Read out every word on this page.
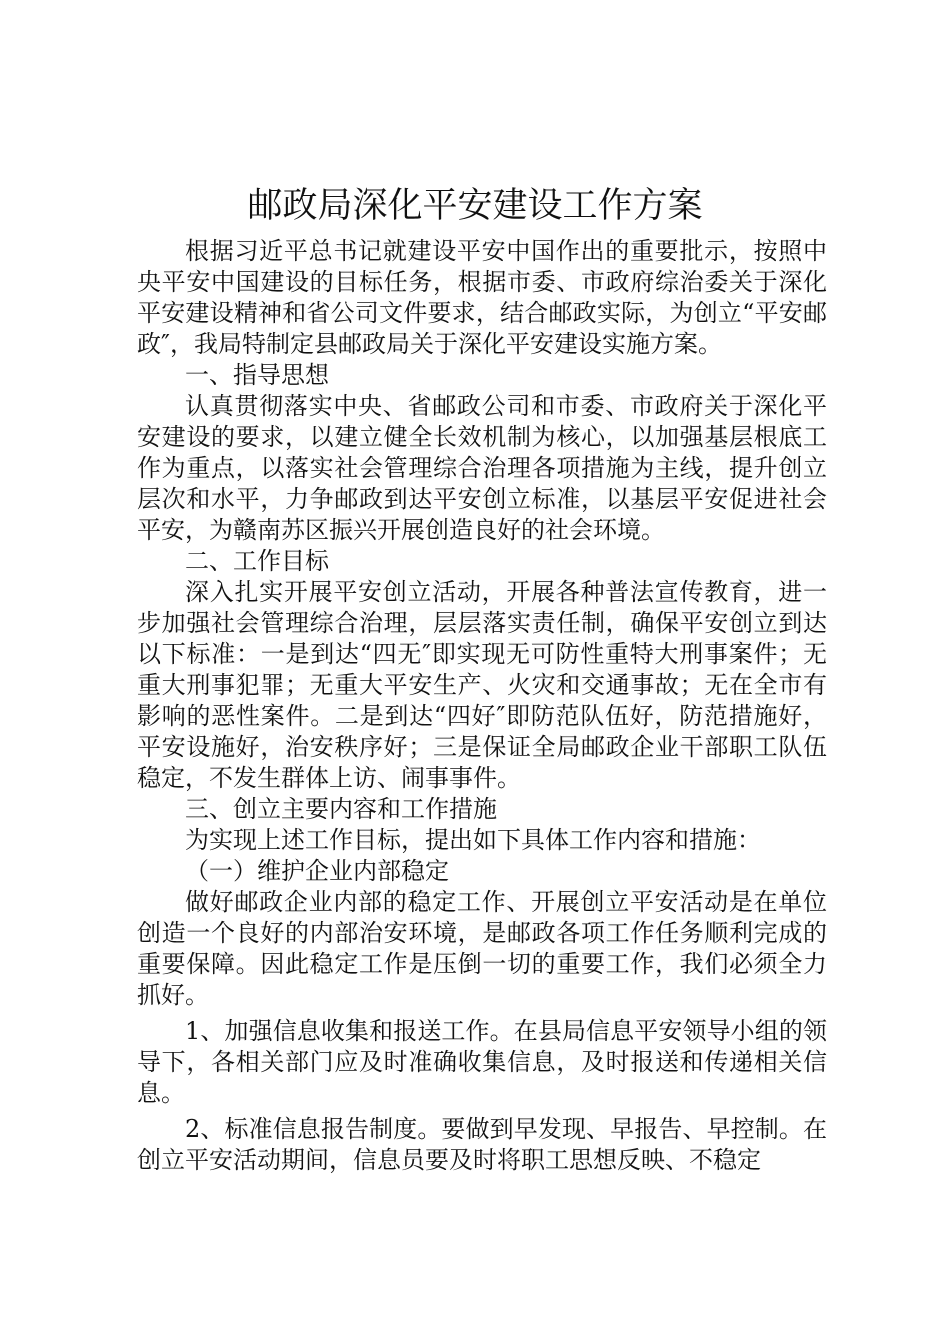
邮政局深化平安建设工作方案

根据习近平总书记就建设平安中国作出的重要批示，按照中央平安中国建设的目标任务，根据市委、市政府综治委关于深化平安建设精神和省公司文件要求，结合邮政实际，为创立“平安邮政″，我局特制定县邮政局关于深化平安建设实施方案。

一、指导思想

认真贯彻落实中央、省邮政公司和市委、市政府关于深化平安建设的要求，以建立健全长效机制为核心，以加强基层根底工作为重点，以落实社会管理综合治理各项措施为主线，提升创立层次和水平，力争邮政到达平安创立标准，以基层平安促进社会平安，为赣南苏区振兴开展创造良好的社会环境。

二、工作目标

深入扎实开展平安创立活动，开展各种普法宣传教育，进一步加强社会管理综合治理，层层落实责任制，确保平安创立到达以下标准：一是到达“四无″即实现无可防性重特大刑事案件；无重大刑事犯罪；无重大平安生产、火灾和交通事故；无在全市有影响的恶性案件。二是到达“四好″即防范队伍好，防范措施好，平安设施好，治安秩序好；三是保证全局邮政企业干部职工队伍稳定，不发生群体上访、闹事事件。

三、创立主要内容和工作措施

为实现上述工作目标，提出如下具体工作内容和措施：

（一）维护企业内部稳定

做好邮政企业内部的稳定工作、开展创立平安活动是在单位创造一个良好的内部治安环境，是邮政各项工作任务顺利完成的重要保障。因此稳定工作是压倒一切的重要工作，我们必须全力抓好。

1、加强信息收集和报送工作。在县局信息平安领导小组的领导下，各相关部门应及时准确收集信息，及时报送和传递相关信息。

2、标准信息报告制度。要做到早发现、早报告、早控制。在创立平安活动期间，信息员要及时将职工思想反映、不稳定
